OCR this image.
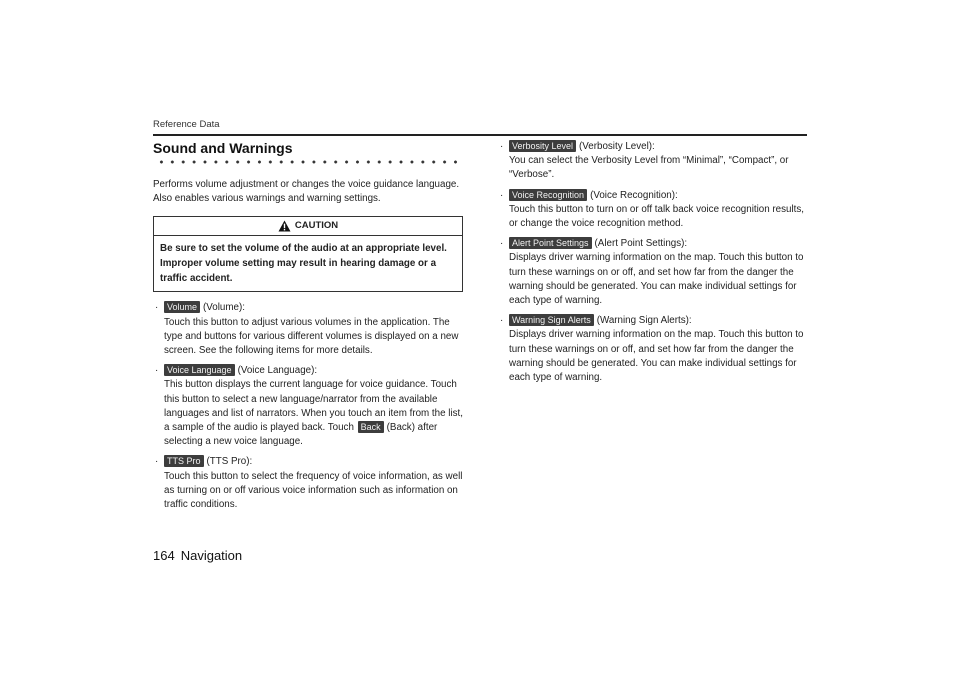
Reference Data
Sound and Warnings

Performs volume adjustment or changes the voice guidance language.

Also enables various warnings and warning settings.

CAUTION
Be sure to set the volume of the audio at an appropriate level. Improper volume setting may result in hearing damage or a traffic accident.
· Volume (Volume):
Touch this button to adjust various volumes in the application. The type and buttons for various different volumes is displayed on a new screen. See the following items for more details.
· Voice Language (Voice Language):
This button displays the current language for voice guidance. Touch this button to select a new language/narrator from the available languages and list of narrators. When you touch an item from the list, a sample of the audio is played back. Touch Back (Back) after selecting a new voice language.
· TTS Pro (TTS Pro):
Touch this button to select the frequency of voice information, as well as turning on or off various voice information such as information on traffic conditions.
· Verbosity Level (Verbosity Level):
You can select the Verbosity Level from “Minimal”, “Compact”, or “Verbose”.
· Voice Recognition (Voice Recognition):
Touch this button to turn on or off talk back voice recognition results, or change the voice recognition method.
· Alert Point Settings (Alert Point Settings):
Displays driver warning information on the map. Touch this button to turn these warnings on or off, and set how far from the danger the warning should be generated. You can make individual settings for each type of warning.
· Warning Sign Alerts (Warning Sign Alerts):
Displays driver warning information on the map. Touch this button to turn these warnings on or off, and set how far from the danger the warning should be generated. You can make individual settings for each type of warning.
164 Navigation
